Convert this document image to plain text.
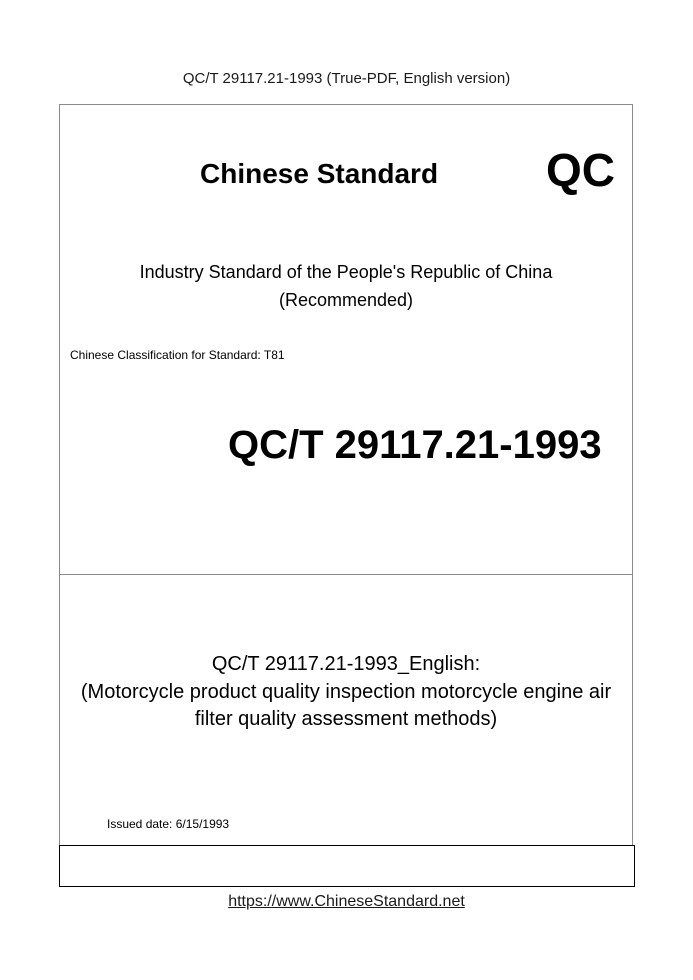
QC/T 29117.21-1993 (True-PDF, English version)
Chinese Standard QC
Industry Standard of the People's Republic of China
(Recommended)
Chinese Classification for Standard: T81
QC/T 29117.21-1993
QC/T 29117.21-1993_English:
(Motorcycle product quality inspection motorcycle engine air
filter quality assessment methods)
Issued date: 6/15/1993
https://www.ChineseStandard.net
